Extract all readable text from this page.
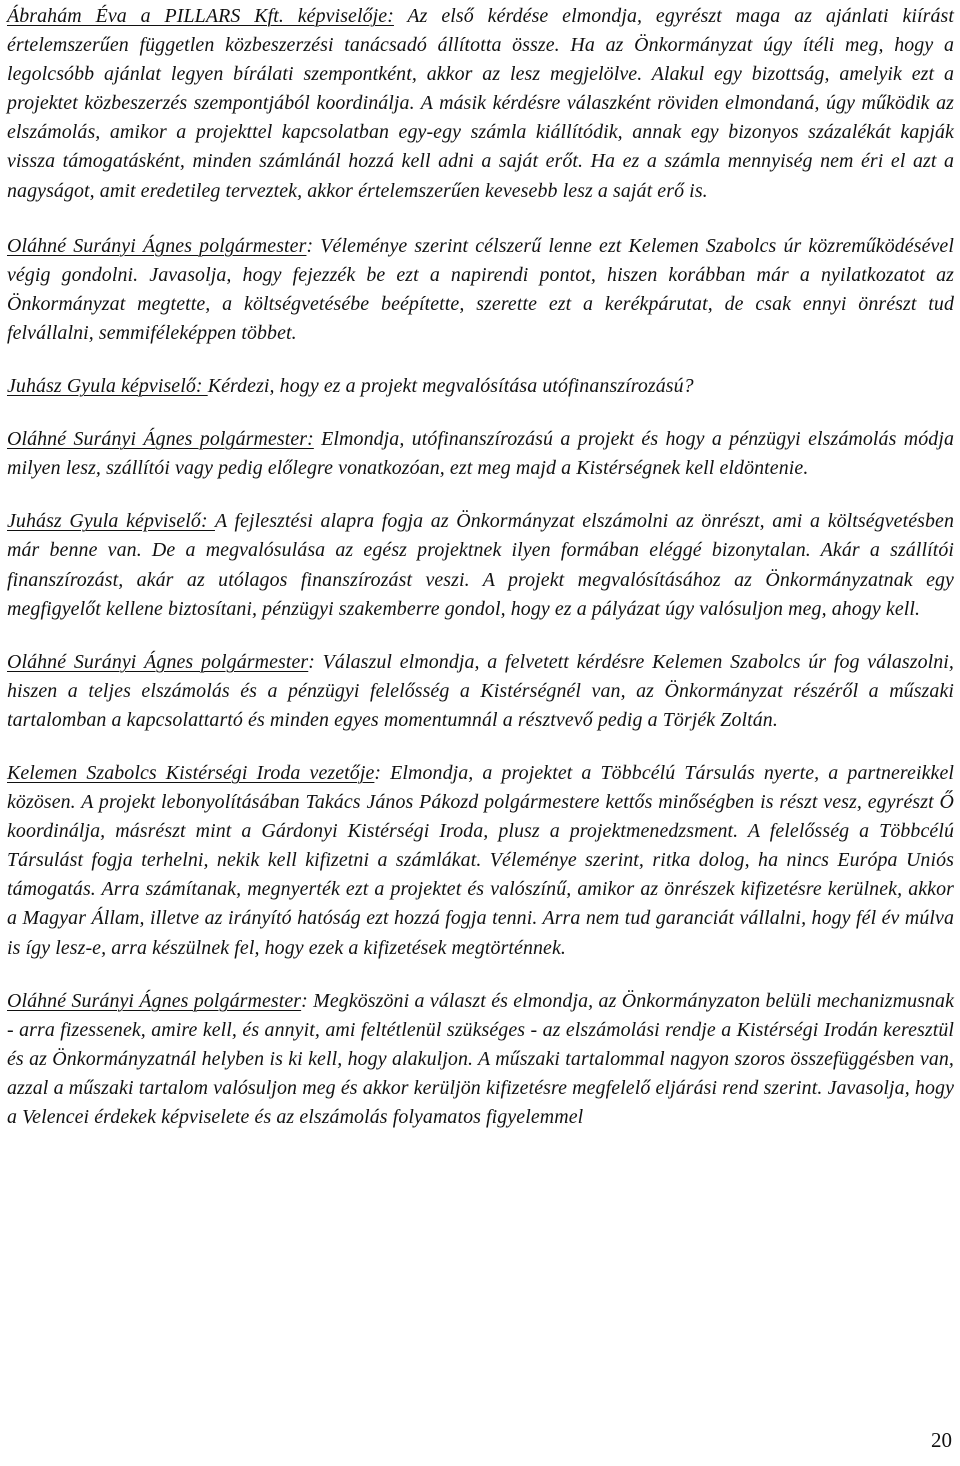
Ábrahám Éva a PILLARS Kft. képviselője: Az első kérdése elmondja, egyrészt maga az ajánlati kiírást értelemszerűen független közbeszerzési tanácsadó állította össze. Ha az Önkormányzat úgy ítéli meg, hogy a legolcsóbb ajánlat legyen bírálati szempontként, akkor az lesz megjelölve. Alakul egy bizottság, amelyik ezt a projektet közbeszerzés szempontjából koordinálja. A másik kérdésre válaszként röviden elmondaná, úgy működik az elszámolás, amikor a projekttel kapcsolatban egy-egy számla kiállítódik, annak egy bizonyos százalékát kapják vissza támogatásként, minden számlánál hozzá kell adni a saját erőt. Ha ez a számla mennyiség nem éri el azt a nagyságot, amit eredetileg terveztek, akkor értelemszerűen kevesebb lesz a saját erő is.

Oláhné Surányi Ágnes polgármester: Véleménye szerint célszerű lenne ezt Kelemen Szabolcs úr közreműködésével végig gondolni. Javasolja, hogy fejezzék be ezt a napirendi pontot, hiszen korábban már a nyilatkozatot az Önkormányzat megtette, a költségvetésébe beépítette, szerette ezt a kerékpárutat, de csak ennyi önrészt tud felvállalni, semmiféleképpen többet.

Juhász Gyula képviselő: Kérdezi, hogy ez a projekt megvalósítása utófinanszírozású?

Oláhné Surányi Ágnes polgármester: Elmondja, utófinanszírozású a projekt és hogy a pénzügyi elszámolás módja milyen lesz, szállítói vagy pedig előlegre vonatkozóan, ezt meg majd a Kistérségnek kell eldöntenie.

Juhász Gyula képviselő: A fejlesztési alapra fogja az Önkormányzat elszámolni az önrészt, ami a költségvetésben már benne van. De a megvalósulása az egész projektnek ilyen formában eléggé bizonytalan. Akár a szállítói finanszírozást, akár az utólagos finanszírozást veszi. A projekt megvalósításához az Önkormányzatnak egy megfigyelőt kellene biztosítani, pénzügyi szakemberre gondol, hogy ez a pályázat úgy valósuljon meg, ahogy kell.

Oláhné Surányi Ágnes polgármester: Válaszul elmondja, a felvetett kérdésre Kelemen Szabolcs úr fog válaszolni, hiszen a teljes elszámolás és a pénzügyi felelősség a Kistérségnél van, az Önkormányzat részéről a műszaki tartalomban a kapcsolattartó és minden egyes momentumnál a résztvevő pedig a Törjék Zoltán.

Kelemen Szabolcs Kistérségi Iroda vezetője: Elmondja, a projektet a Többcélú Társulás nyerte, a partnereikkel közösen. A projekt lebonyolításában Takács János Pákozd polgármestere kettős minőségben is részt vesz, egyrészt Ő koordinálja, másrészt mint a Gárdonyi Kistérségi Iroda, plusz a projektmenedzsment. A felelősség a Többcélú Társulást fogja terhelni, nekik kell kifizetni a számlákat. Véleménye szerint, ritka dolog, ha nincs Európa Uniós támogatás. Arra számítanak, megnyerték ezt a projektet és valószínű, amikor az önrészek kifizetésre kerülnek, akkor a Magyar Állam, illetve az irányító hatóság ezt hozzá fogja tenni. Arra nem tud garanciát vállalni, hogy fél év múlva is így lesz-e, arra készülnek fel, hogy ezek a kifizetések megtörténnek.

Oláhné Surányi Ágnes polgármester: Megköszöni a választ és elmondja, az Önkormányzaton belüli mechanizmusnak - arra fizessenek, amire kell, és annyit, ami feltétlenül szükséges - az elszámolási rendje a Kistérségi Irodán keresztül és az Önkormányzatnál helyben is ki kell, hogy alakuljon. A műszaki tartalommal nagyon szoros összefüggésben van, azzal a műszaki tartalom valósuljon meg és akkor kerüljön kifizetésre megfelelő eljárási rend szerint. Javasolja, hogy a Velencei érdekek képviselete és az elszámolás folyamatos figyelemmel

20
